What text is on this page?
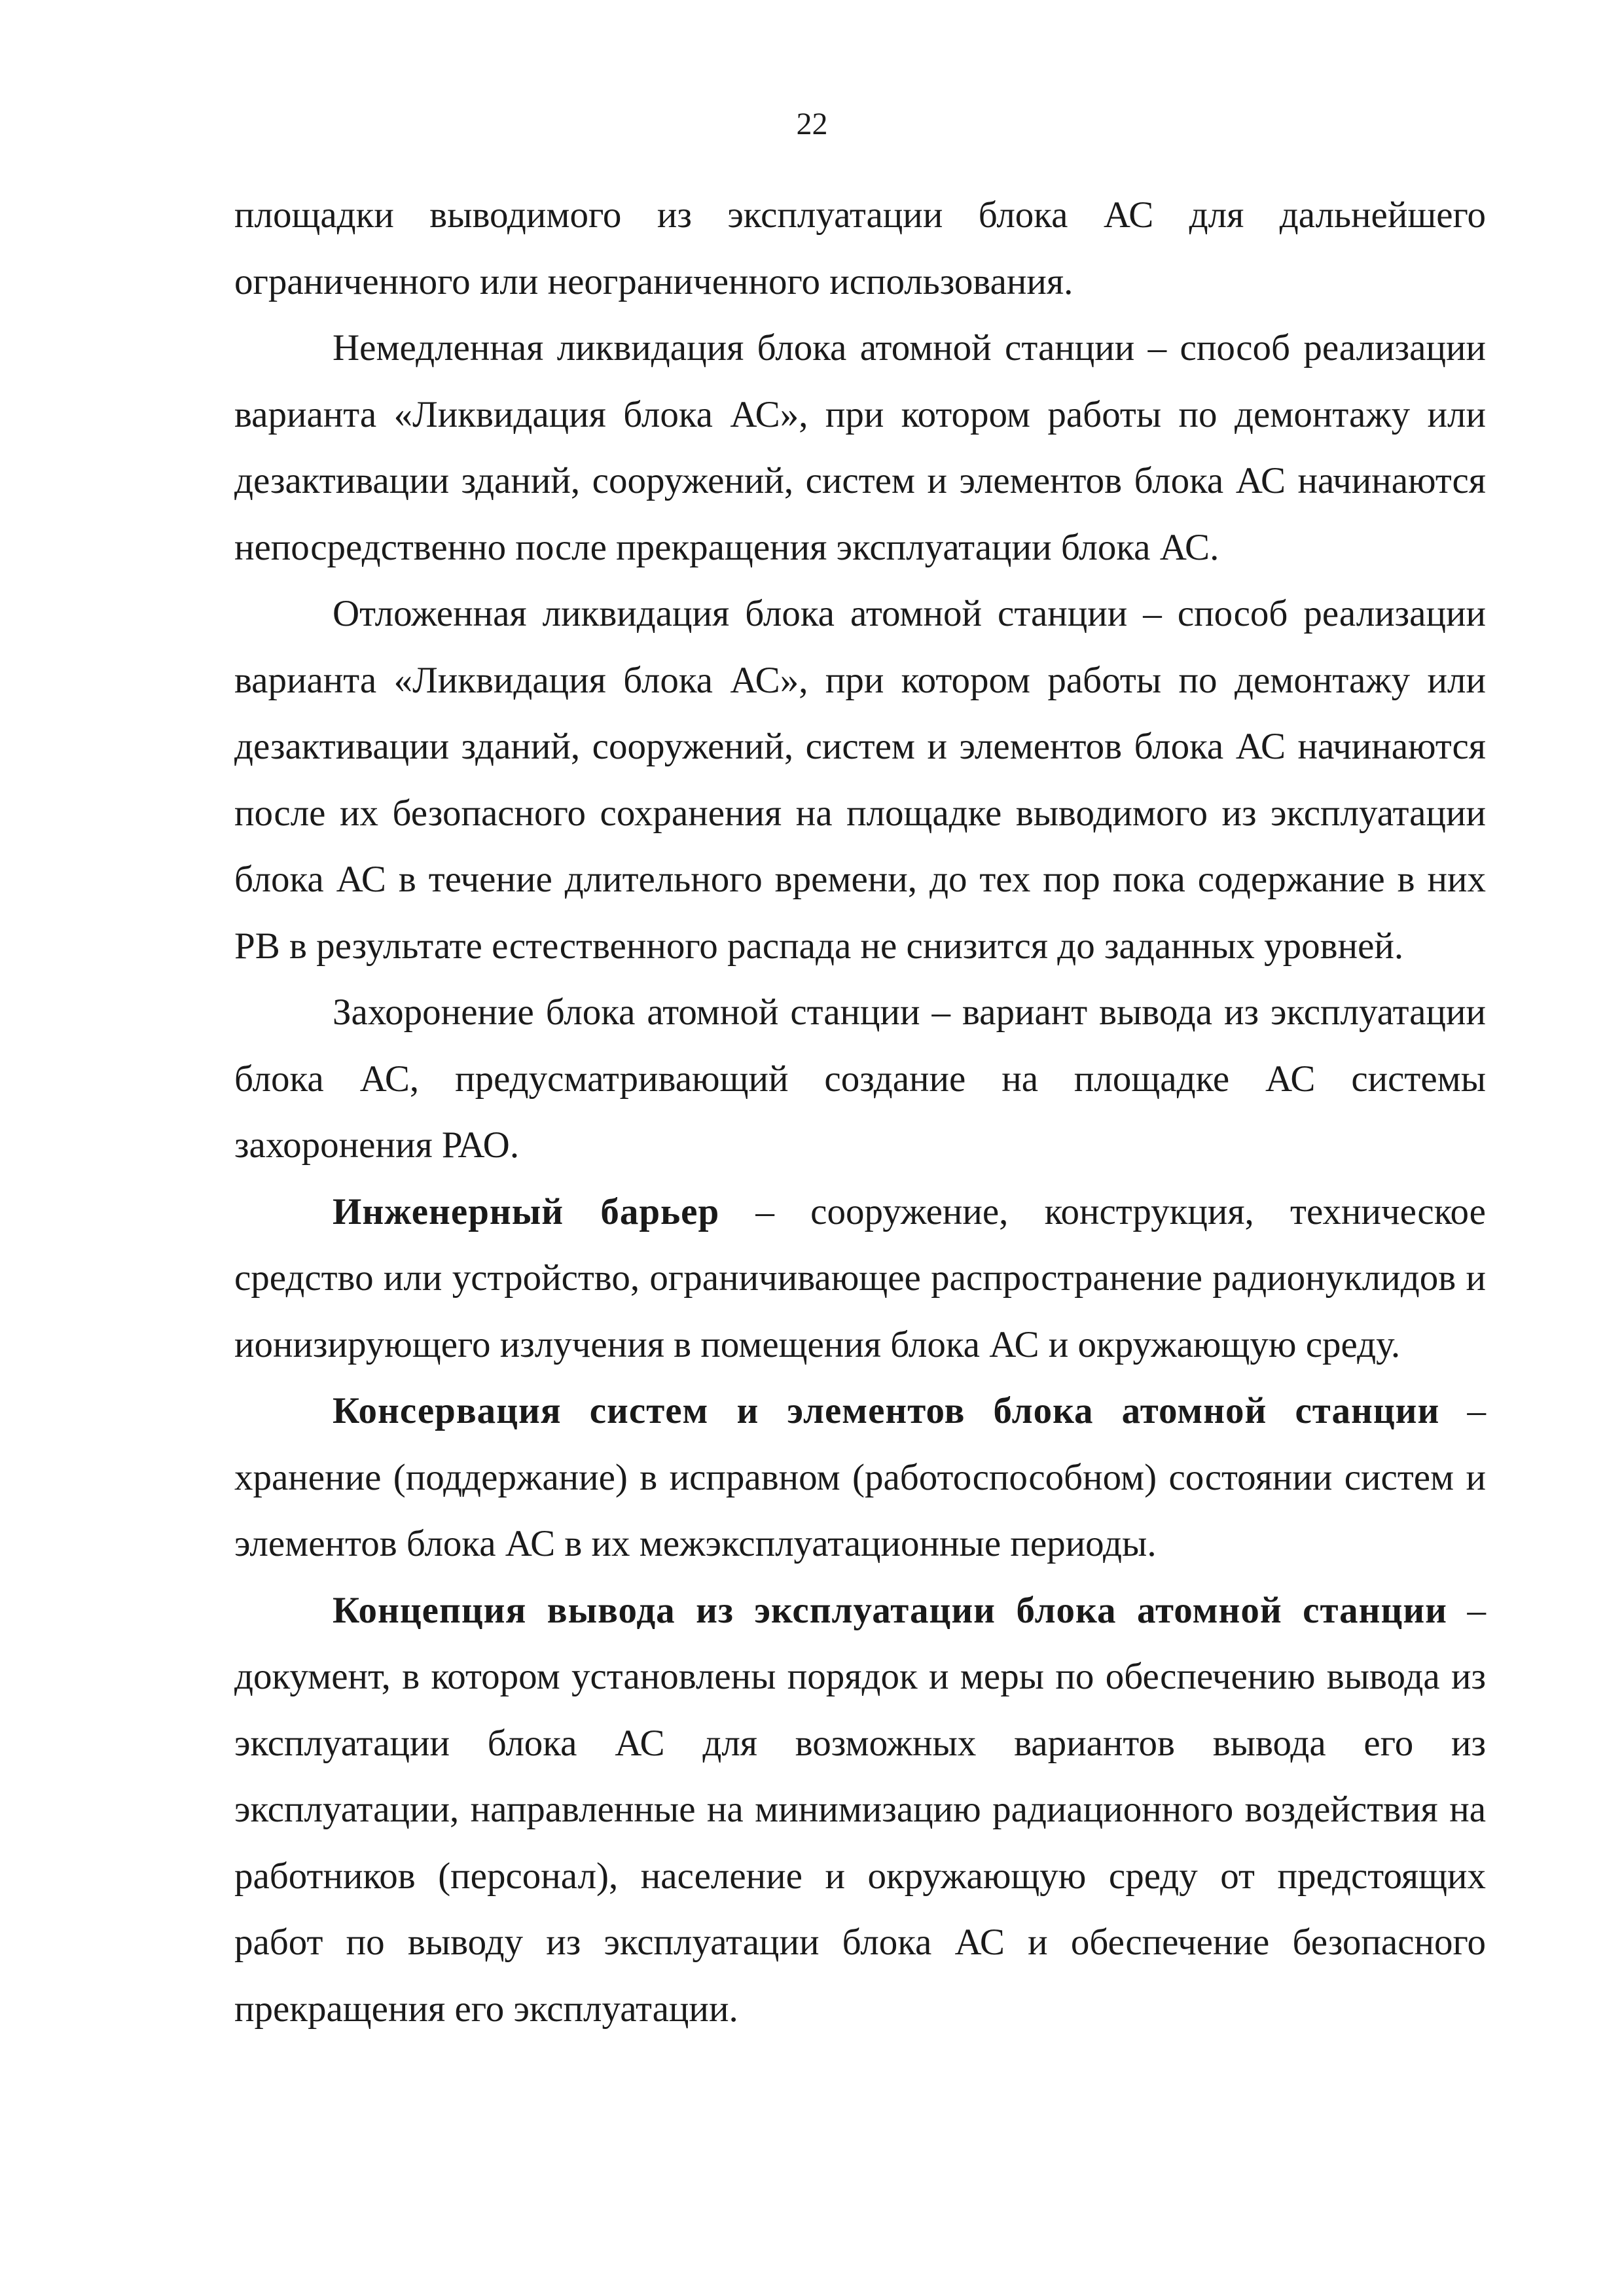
22

площадки выводимого из эксплуатации блока АС для дальнейшего ограниченного или неограниченного использования.

Немедленная ликвидация блока атомной станции – способ реализации варианта «Ликвидация блока АС», при котором работы по демонтажу или дезактивации зданий, сооружений, систем и элементов блока АС начинаются непосредственно после прекращения эксплуатации блока АС.

Отложенная ликвидация блока атомной станции – способ реализации варианта «Ликвидация блока АС», при котором работы по демонтажу или дезактивации зданий, сооружений, систем и элементов блока АС начинаются после их безопасного сохранения на площадке выводимого из эксплуатации блока АС в течение длительного времени, до тех пор пока содержание в них РВ в результате естественного распада не снизится до заданных уровней.

Захоронение блока атомной станции – вариант вывода из эксплуатации блока АС, предусматривающий создание на площадке АС системы захоронения РАО.

Инженерный барьер – сооружение, конструкция, техническое средство или устройство, ограничивающее распространение радионуклидов и ионизирующего излучения в помещения блока АС и окружающую среду.

Консервация систем и элементов блока атомной станции – хранение (поддержание) в исправном (работоспособном) состоянии систем и элементов блока АС в их межэксплуатационные периоды.

Концепция вывода из эксплуатации блока атомной станции – документ, в котором установлены порядок и меры по обеспечению вывода из эксплуатации блока АС для возможных вариантов вывода его из эксплуатации, направленные на минимизацию радиационного воздействия на работников (персонал), население и окружающую среду от предстоящих работ по выводу из эксплуатации блока АС и обеспечение безопасного прекращения его эксплуатации.
